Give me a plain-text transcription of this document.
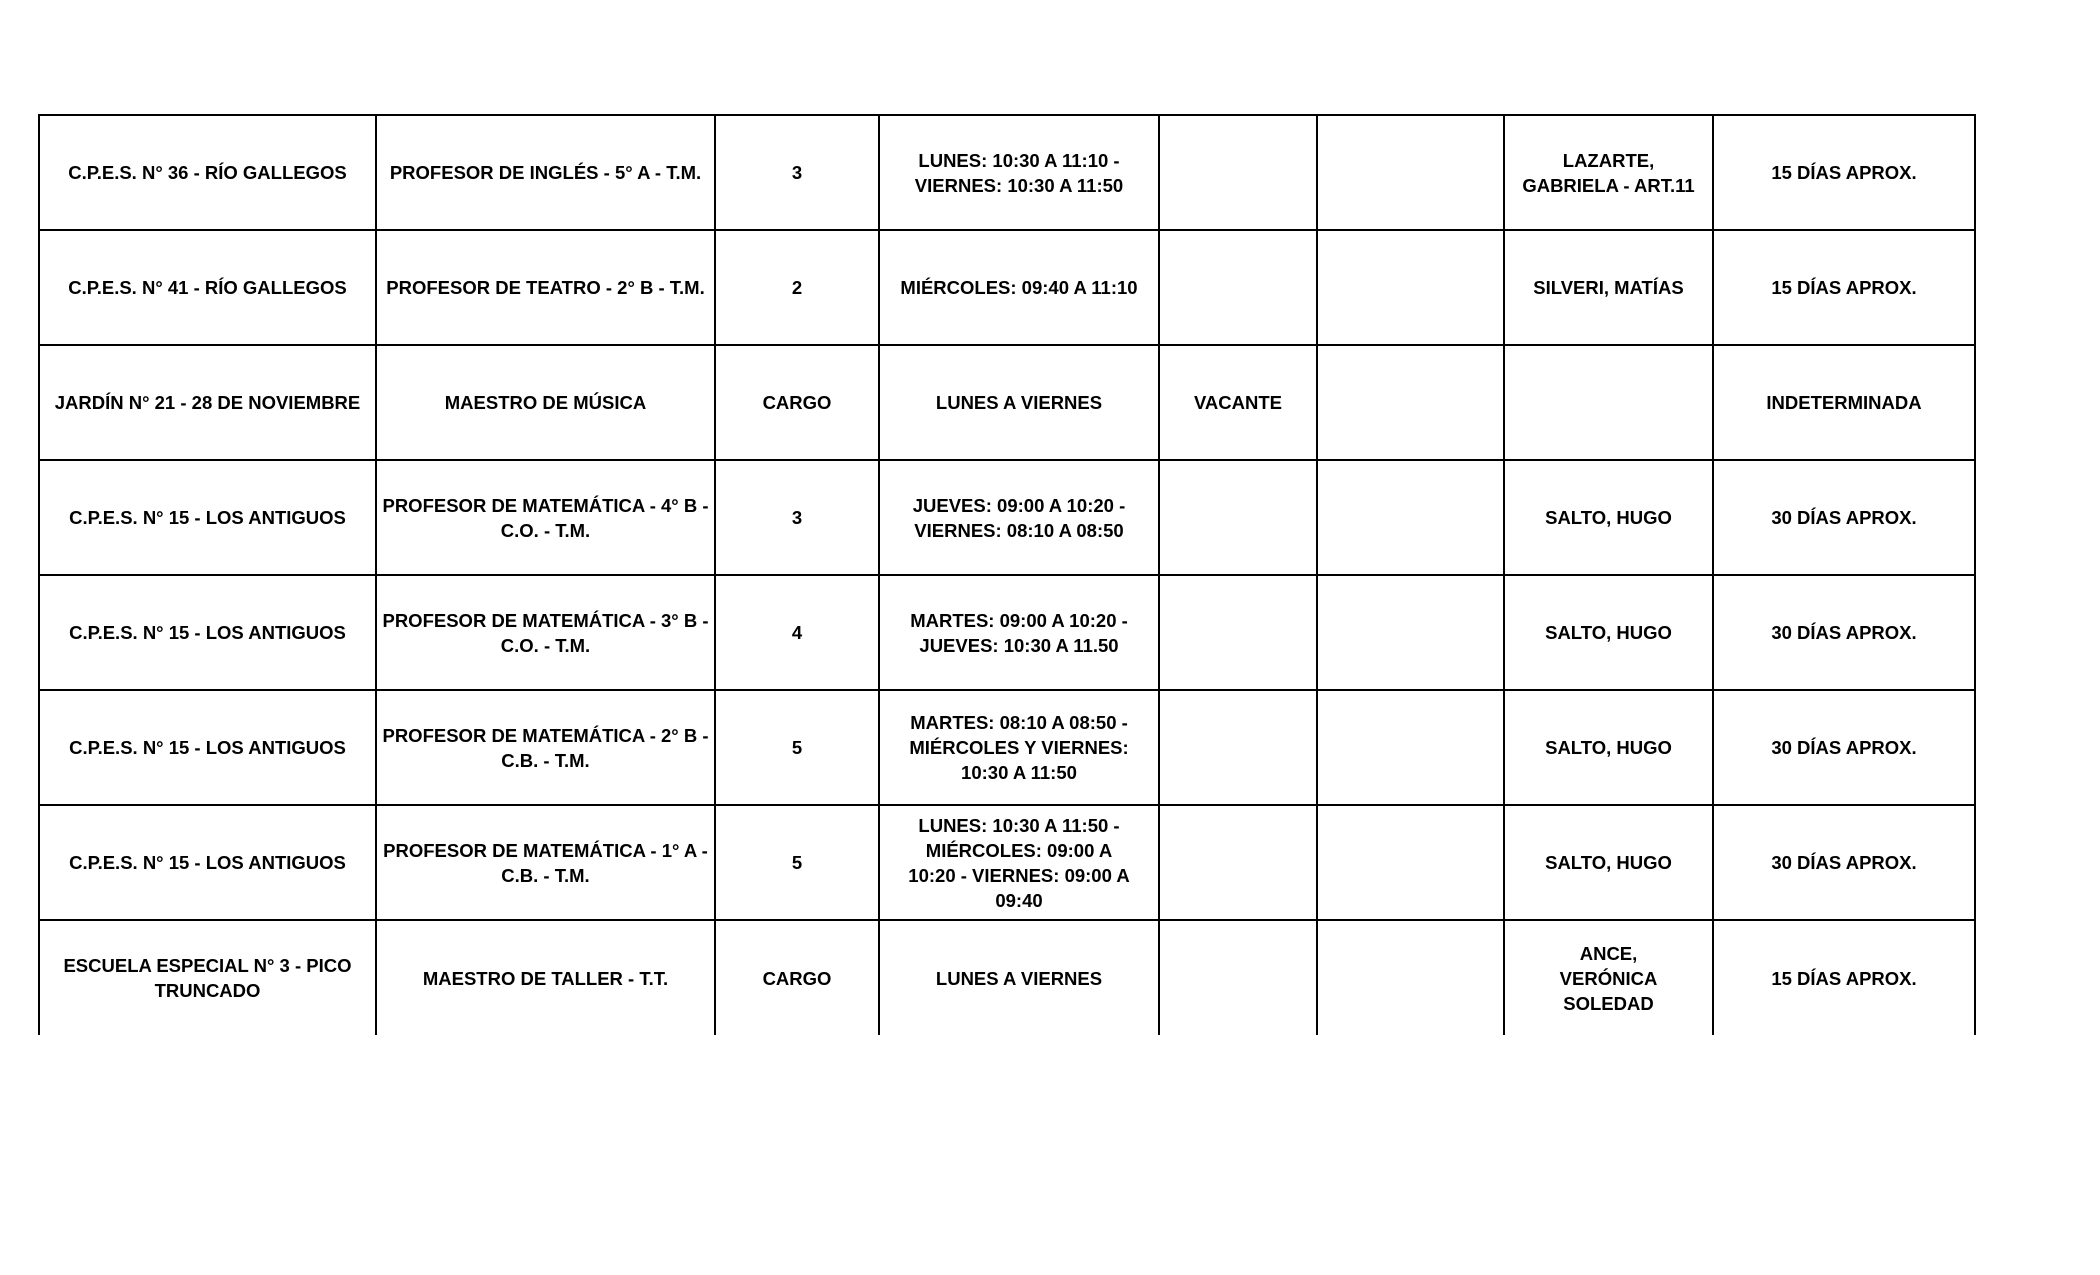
C.P.E.S. N° 36 - RÍO GALLEGOS	PROFESOR DE INGLÉS - 5° A - T.M.	3	LUNES: 10:30 A 11:10 - VIERNES: 10:30 A 11:50			LAZARTE, GABRIELA - ART.11	15 DÍAS APROX.
C.P.E.S. N° 41 - RÍO GALLEGOS	PROFESOR DE TEATRO - 2° B - T.M.	2	MIÉRCOLES: 09:40 A 11:10			SILVERI, MATÍAS	15 DÍAS APROX.
JARDÍN N° 21 - 28 DE NOVIEMBRE	MAESTRO DE MÚSICA	CARGO	LUNES A VIERNES	VACANTE			INDETERMINADA
C.P.E.S. N° 15 - LOS ANTIGUOS	PROFESOR DE MATEMÁTICA - 4° B - C.O. - T.M.	3	JUEVES: 09:00 A 10:20 - VIERNES: 08:10 A 08:50			SALTO, HUGO	30 DÍAS APROX.
C.P.E.S. N° 15 - LOS ANTIGUOS	PROFESOR DE MATEMÁTICA - 3° B - C.O. - T.M.	4	MARTES: 09:00 A 10:20 - JUEVES: 10:30 A 11.50			SALTO, HUGO	30 DÍAS APROX.
C.P.E.S. N° 15 - LOS ANTIGUOS	PROFESOR DE MATEMÁTICA - 2° B - C.B. - T.M.	5	MARTES: 08:10 A 08:50 - MIÉRCOLES Y VIERNES: 10:30 A 11:50			SALTO, HUGO	30 DÍAS APROX.
C.P.E.S. N° 15 - LOS ANTIGUOS	PROFESOR DE MATEMÁTICA - 1° A - C.B. - T.M.	5	LUNES: 10:30 A 11:50 - MIÉRCOLES: 09:00 A 10:20 - VIERNES: 09:00 A 09:40			SALTO, HUGO	30 DÍAS APROX.
ESCUELA ESPECIAL N° 3 - PICO TRUNCADO	MAESTRO DE TALLER - T.T.	CARGO	LUNES A VIERNES			ANCE, VERÓNICA SOLEDAD	15 DÍAS APROX.
